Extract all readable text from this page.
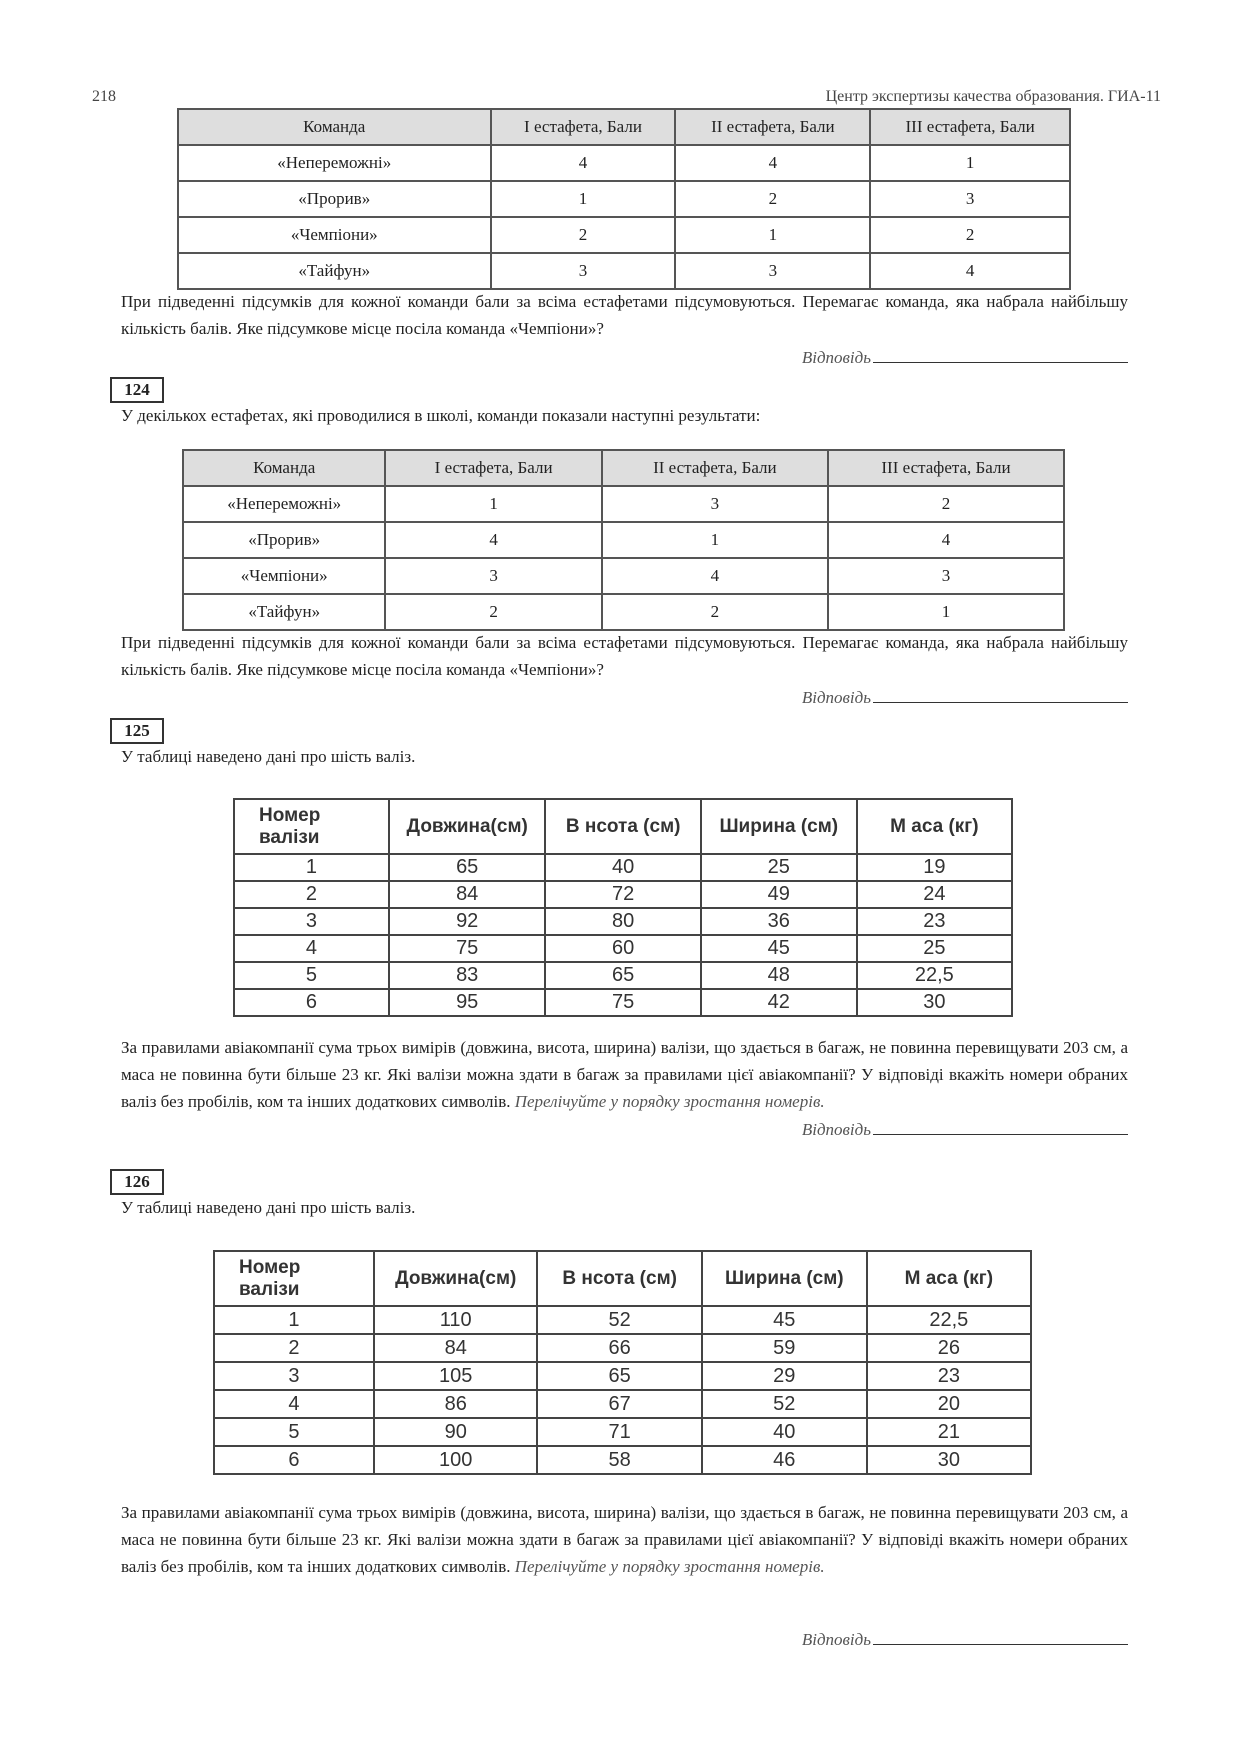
218	Центр экспертизы качества образования. ГИА-11
Команда	I естафета, Бали	II естафета, Бали	III естафета, Бали
«Непереможні»	4	4	1
«Прорив»	1	2	3
«Чемпіони»	2	1	2
«Тайфун»	3	3	4
При підведенні підсумків для кожної команди бали за всіма естафетами підсумовуються. Перемагає команда, яка набрала найбільшу кількість балів. Яке підсумкове місце посіла команда «Чемпіони»?
Відповідь
124
У декількох естафетах, які проводилися в школі, команди показали наступні результати:
Команда	I естафета, Бали	II естафета, Бали	III естафета, Бали
«Непереможні»	1	3	2
«Прорив»	4	1	4
«Чемпіони»	3	4	3
«Тайфун»	2	2	1
При підведенні підсумків для кожної команди бали за всіма естафетами підсумовуються. Перемагає команда, яка набрала найбільшу кількість балів. Яке підсумкове місце посіла команда «Чемпіони»?
Відповідь
125
У таблиці наведено дані про шість валіз.
Номер
валізи	Довжина(см)	В нсота (см)	Ширина (см)	М аса (кг)
1	65	40	25	19
2	84	72	49	24
3	92	80	36	23
4	75	60	45	25
5	83	65	48	22,5
6	95	75	42	30
За правилами авіакомпанії сума трьох вимірів (довжина, висота, ширина) валізи, що здається в багаж, не повинна перевищувати 203 см, а маса не повинна бути більше 23 кг. Які валізи можна здати в багаж за правилами цієї авіакомпанії? У відповіді вкажіть номери обраних валіз без пробілів, ком та інших додаткових символів. Перелічуйте у порядку зростання номерів.
Відповідь
126
У таблиці наведено дані про шість валіз.
Номер
валізи	Довжина(см)	В нсота (см)	Ширина (см)	М аса (кг)
1	110	52	45	22,5
2	84	66	59	26
3	105	65	29	23
4	86	67	52	20
5	90	71	40	21
6	100	58	46	30
За правилами авіакомпанії сума трьох вимірів (довжина, висота, ширина) валізи, що здається в багаж, не повинна перевищувати 203 см, а маса не повинна бути більше 23 кг. Які валізи можна здати в багаж за правилами цієї авіакомпанії? У відповіді вкажіть номери обраних валіз без пробілів, ком та інших додаткових символів. Перелічуйте у порядку зростання номерів.
Відповідь
